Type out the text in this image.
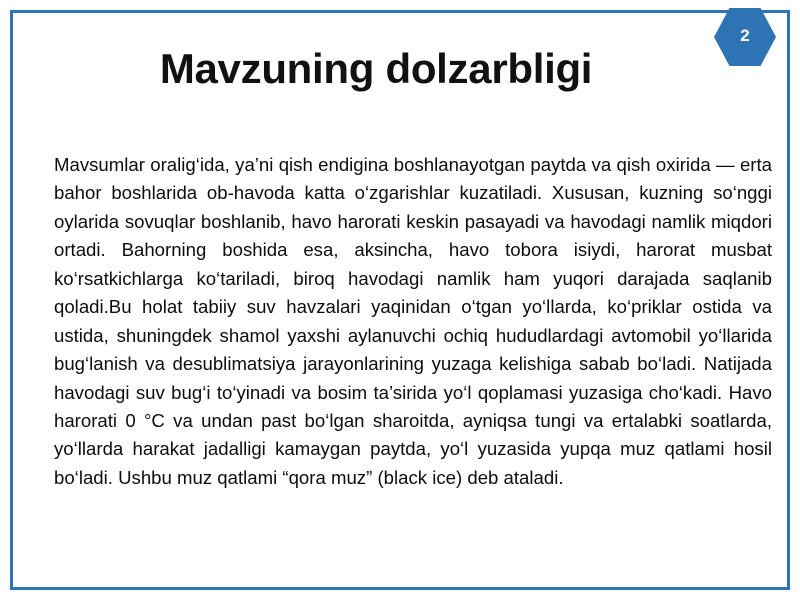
Mavzuning dolzarbligi
Mavsumlar oralig‘ida, ya’ni qish endigina boshlanayotgan paytda va qish oxirida — erta bahor boshlarida ob-havoda katta o‘zgarishlar kuzatiladi. Xususan, kuzning so‘nggi oylarida sovuqlar boshlanib, havo harorati keskin pasayadi va havodagi namlik miqdori ortadi. Bahorning boshida esa, aksincha, havo tobora isiydi, harorat musbat ko‘rsatkichlarga ko‘tariladi, biroq havodagi namlik ham yuqori darajada saqlanib qoladi.Bu holat tabiiy suv havzalari yaqinidan o‘tgan yo‘llarda, ko‘priklar ostida va ustida, shuningdek shamol yaxshi aylanuvchi ochiq hududlardagi avtomobil yo‘llarida bug‘lanish va desublimatsiya jarayonlarining yuzaga kelishiga sabab bo‘ladi. Natijada havodagi suv bug‘i to‘yinadi va bosim ta’sirida yo‘l qoplamasi yuzasiga cho‘kadi. Havo harorati 0 °C va undan past bo‘lgan sharoitda, ayniqsa tungi va ertalabki soatlarda, yo‘llarda harakat jadalligi kamaygan paytda, yo‘l yuzasida yupqa muz qatlami hosil bo‘ladi. Ushbu muz qatlami “qora muz” (black ice) deb ataladi.
2
